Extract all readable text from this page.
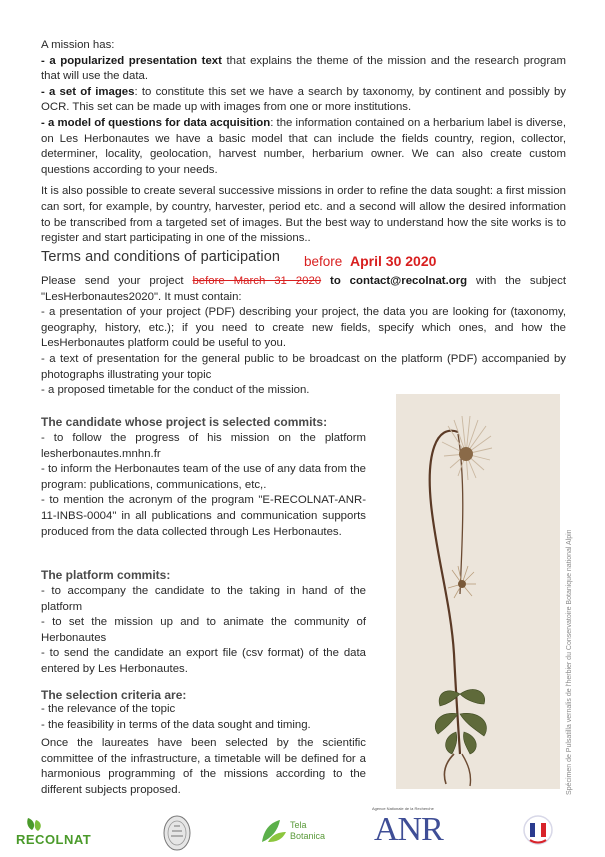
A mission has:

- a popularized presentation text that explains the theme of the mission and the research program that will use the data.

- a set of images: to constitute this set we have a search by taxonomy, by continent and possibly by OCR. This set can be made up with images from one or more institutions.

- a model of questions for data acquisition: the information contained on a herbarium label is diverse, on Les Herbonautes we have a basic model that can include the fields country, region, collector, determiner, locality, geolocation, harvest number, herbarium owner. We can also create custom questions according to your needs.

It is also possible to create several successive missions in order to refine the data sought: a first mission can sort, for example, by country, harvester, period etc. and a second will allow the desired information to be transcribed from a targeted set of images. But the best way to understand how the site works is to register and start participating in one of the missions..

Terms and conditions of participation before April 30 2020

Please send your project before March 31 2020 to contact@recolnat.org with the subject "LesHerbonautes2020". It must contain:

- a presentation of your project (PDF) describing your project, the data you are looking for (taxonomy, geography, history, etc.); if you need to create new fields, specify which ones, and how the LesHerbonautes platform could be useful to you.

- a text of presentation for the general public to be broadcast on the platform (PDF) accompanied by photographs illustrating your topic

- a proposed timetable for the conduct of the mission.

The candidate whose project is selected commits:

- to follow the progress of his mission on the platform lesherbonautes.mnhn.fr

- to inform the Herbonautes team of the use of any data from the program: publications, communications, etc,.

- to mention the acronym of the program "E-RECOLNAT-ANR-11-INBS-0004" in all publications and communication supports produced from the data collected through Les Herbonautes.

The platform commits:

- to accompany the candidate to the taking in hand of the platform

- to set the mission up and to animate the community of Herbonautes

- to send the candidate an export file (csv format) of the data entered by Les Herbonautes.

The selection criteria are:

- the relevance of the topic

- the feasibility in terms of the data sought and timing.

Once the laureates have been selected by the scientific committee of the infrastructure, a timetable will be defined for a harmonious programming of the missions according to the different subjects proposed.	Spécimen de Pulsatilla vernalis de l'herbier du Conservatoire Botanique national Alpin
RECOLNAT
Tela
Botanica
Agence Nationale de la Recherche
ANR
